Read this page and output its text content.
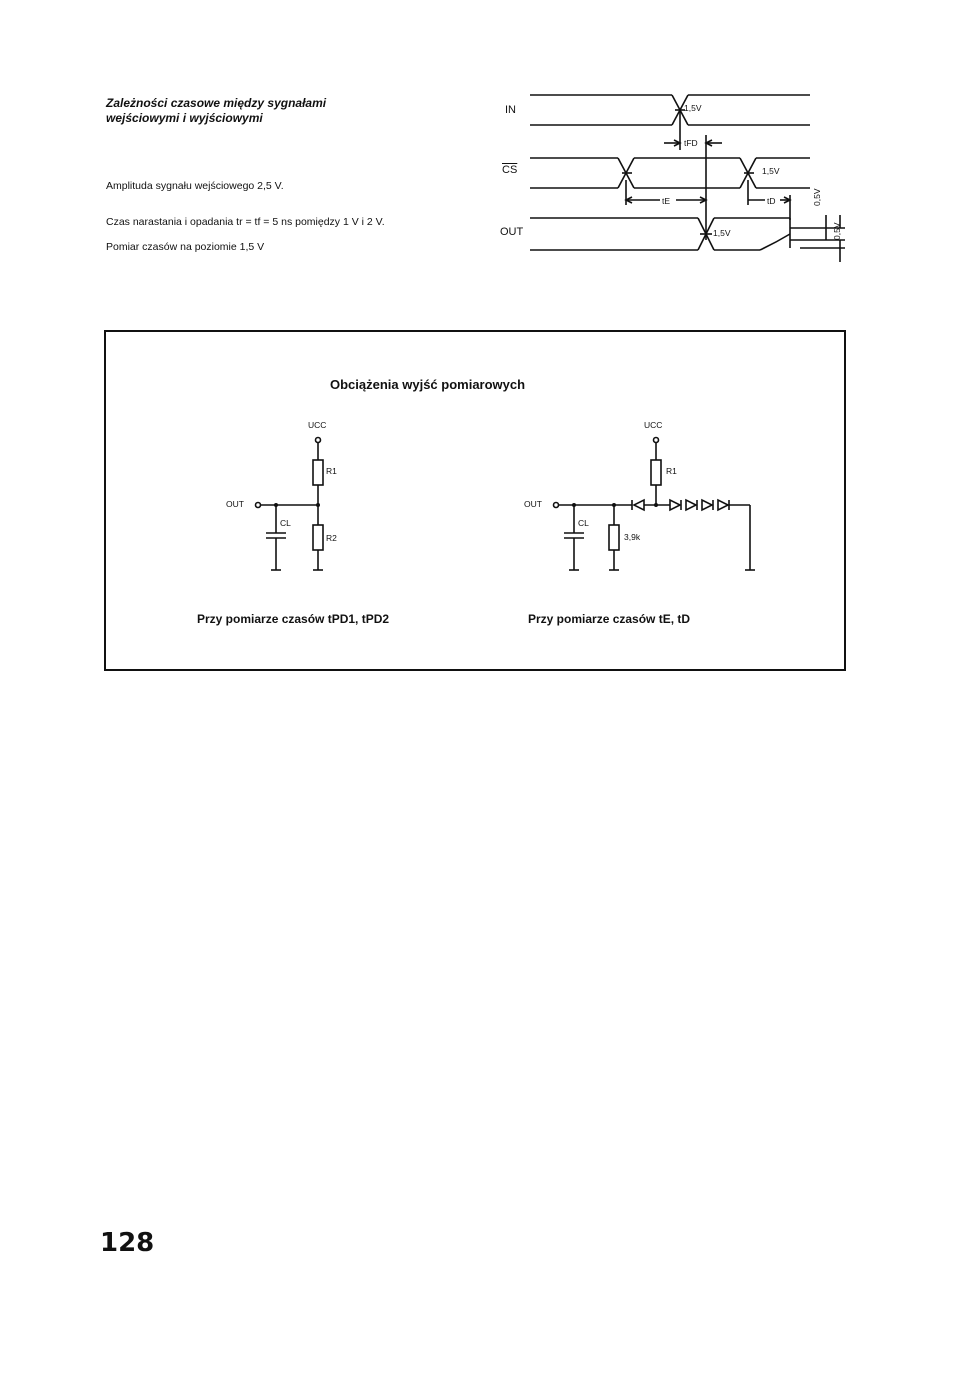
Zależności czasowe między sygnałami
wejściowymi i wyjściowymi
Amplituda sygnału wejściowego 2,5 V.
Czas narastania i opadania tr = tf = 5 ns pomiędzy 1 V i 2 V.
Pomiar czasów na poziomie 1,5 V
IN
$\overline{CS}$
OUT
1,5V
1,5V
1,5V
tFD
tE	tD	0,5V
0,5V
Obciążenia wyjść pomiarowych
UCC
OUT
R1
R2
CL
UCC
OUT
R1
3,9k
CL
Przy pomiarze czasów tPD1, tPD2	Przy pomiarze czasów tE, tD
128
